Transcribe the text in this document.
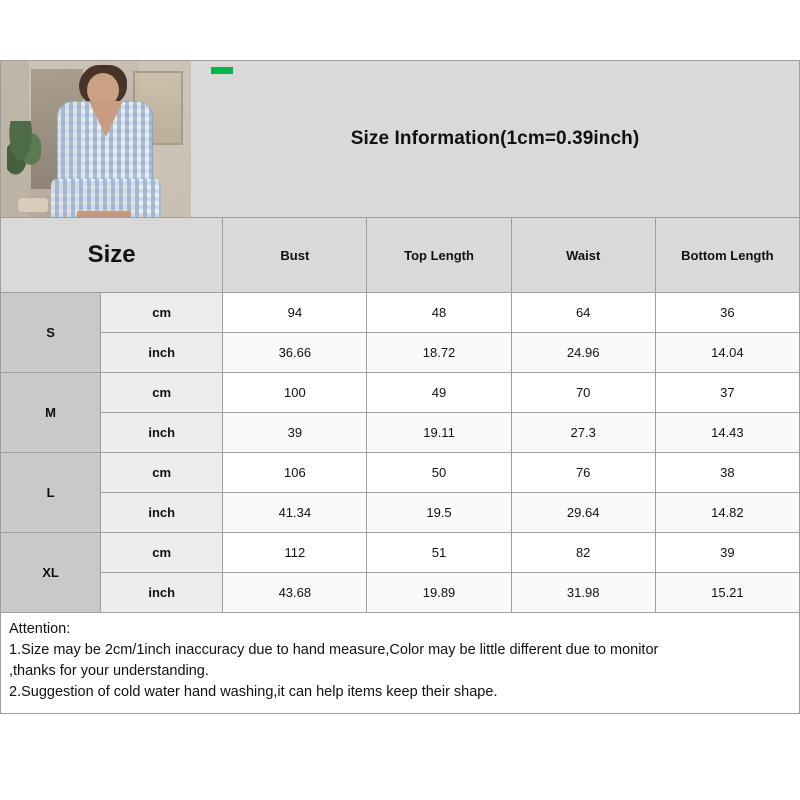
Size Information(1cm=0.39inch)
Size		Bust	Top Length	Waist	Bottom Length
S	cm	94	48	64	36
	inch	36.66	18.72	24.96	14.04
M	cm	100	49	70	37
	inch	39	19.11	27.3	14.43
L	cm	106	50	76	38
	inch	41.34	19.5	29.64	14.82
XL	cm	112	51	82	39
	inch	43.68	19.89	31.98	15.21
Attention:
1.Size may be 2cm/1inch inaccuracy due to hand measure,Color may be little different due to monitor
,thanks for your understanding.
2.Suggestion of cold water hand washing,it can help items keep their shape.
